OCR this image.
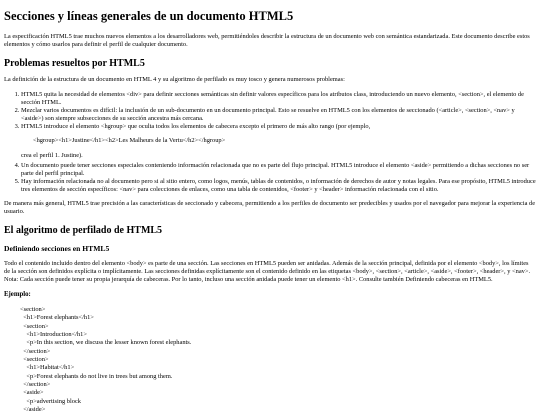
Secciones y líneas generales de un documento HTML5

La especificación HTML5 trae muchos nuevos elementos a los desarrolladores web, permitiéndoles describir la estructura de un documento web con semántica estandarizada. Este documento describe estos elementos y cómo usarlos para definir el perfil de cualquier documento.

Problemas resueltos por HTML5

La definición de la estructura de un documento en HTML 4 y su algoritmo de perfilado es muy tosco y genera numerosos problemas:

1. HTML5 quita la necesidad de elementos <div> para definir secciones semánticas sin definir valores específicos para los atributos class, introduciendo un nuevo elemento, <section>, el elemento de sección HTML.
2. Mezclar varios documentos es difícil: la inclusión de un sub-documento en un documento principal. Esto se resuelve en HTML5 con los elementos de seccionado (<article>, <section>, <nav> y <aside>) son siempre subsecciones de su sección ancestra más cercana.
3. HTML5 introduce el elemento <hgroup> que oculta todos los elementos de cabecera excepto el primero de más alto rango (por ejemplo,
<hgroup><h1>Justine</h1><h2>Les Malheurs de la Vertu</h2></hgroup>
crea el perfil 1. Justine).
4. Un documento puede tener secciones especiales conteniendo información relacionada que no es parte del flujo principal. HTML5 introduce el elemento <aside> permitiendo a dichas secciones no ser parte del perfil principal.
5. Hay información relacionada no al documento pero si al sitio entero, como logos, menús, tablas de contenidos, o información de derechos de autor y notas legales. Para ese propósito, HTML5 introduce tres elementos de sección específicos: <nav> para colecciones de enlaces, como una tabla de contenidos, <footer> y <header> información relacionada con el sitio.

De manera más general, HTML5 trae precisión a las características de seccionado y cabecera, permitiendo a los perfiles de documento ser predecibles y usados por el navegador para mejorar la experiencia de usuario.

El algoritmo de perfilado de HTML5
Definiendo secciones en HTML5

Todo el contenido incluido dentro del elemento <body> es parte de una sección. Las secciones en HTML5 pueden ser anidadas. Además de la sección principal, definida por el elemento <body>, los límites de la sección son definidos explícita o implícitamente. Las secciones definidas explícitamente son el contenido definido en las etiquetas <body>, <section>, <article>, <aside>, <footer>, <header>, y <nav>. Nota: Cada sección puede tener su propia jerarquía de cabeceras. Por lo tanto, incluso una sección anidada puede tener un elemento <h1>. Consulte también Definiendo cabeceras en HTML5.

Ejemplo:
<section>
<h1>Forest elephants</h1>
<section>
<h1>Introduction</h1>
<p>In this section, we discuss the lesser known forest elephants.
</section>
<section>
<h1>Habitat</h1>
<p>Forest elephants do not live in trees but among them.
</section>
<aside>
<p>advertising block
</aside>
